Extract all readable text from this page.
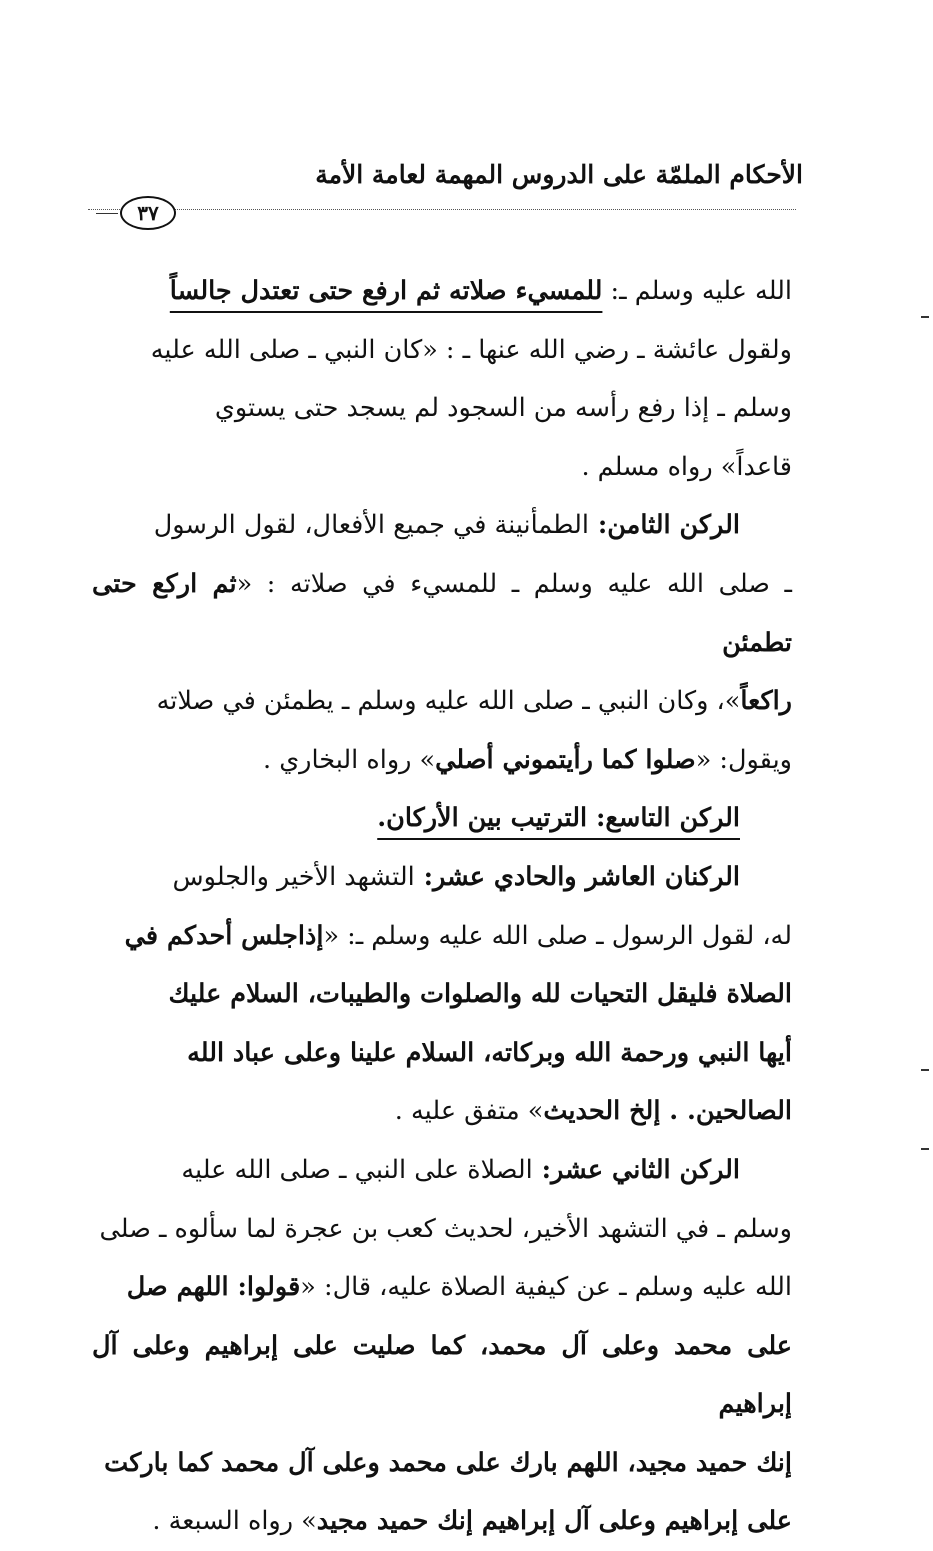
الأحكام الملمّة على الدروس المهمة لعامة الأمة
٣٧

الله عليه وسلم ـ: للمسيء صلاته ثم ارفع حتى تعتدل جالساً

ولقول عائشة ـ رضي الله عنها ـ : «كان النبي ـ صلى الله عليه

وسلم ـ إذا رفع رأسه من السجود لم يسجد حتى يستوي

قاعداً» رواه مسلم .

الركن الثامن: الطمأنينة في جميع الأفعال، لقول الرسول

ـ صلى الله عليه وسلم ـ للمسيء في صلاته : «ثم اركع حتى تطمئن

راكعاً»، وكان النبي ـ صلى الله عليه وسلم ـ يطمئن في صلاته

ويقول: «صلوا كما رأيتموني أصلي» رواه البخاري .

الركن التاسع: الترتيب بين الأركان.

الركنان العاشر والحادي عشر: التشهد الأخير والجلوس

له، لقول الرسول ـ صلى الله عليه وسلم ـ: «إذاجلس أحدكم في

الصلاة فليقل التحيات لله والصلوات والطيبات، السلام عليك

أيها النبي ورحمة الله وبركاته، السلام علينا وعلى عباد الله

الصالحين. . إلخ الحديث» متفق عليه .

الركن الثاني عشر: الصلاة على النبي ـ صلى الله عليه

وسلم ـ في التشهد الأخير، لحديث كعب بن عجرة لما سألوه ـ صلى

الله عليه وسلم ـ عن كيفية الصلاة عليه، قال: «قولوا: اللهم صل

على محمد وعلى آل محمد، كما صليت على إبراهيم وعلى آل إبراهيم

إنك حميد مجيد، اللهم بارك على محمد وعلى آل محمد كما باركت

على إبراهيم وعلى آل إبراهيم إنك حميد مجيد» رواه السبعة .
